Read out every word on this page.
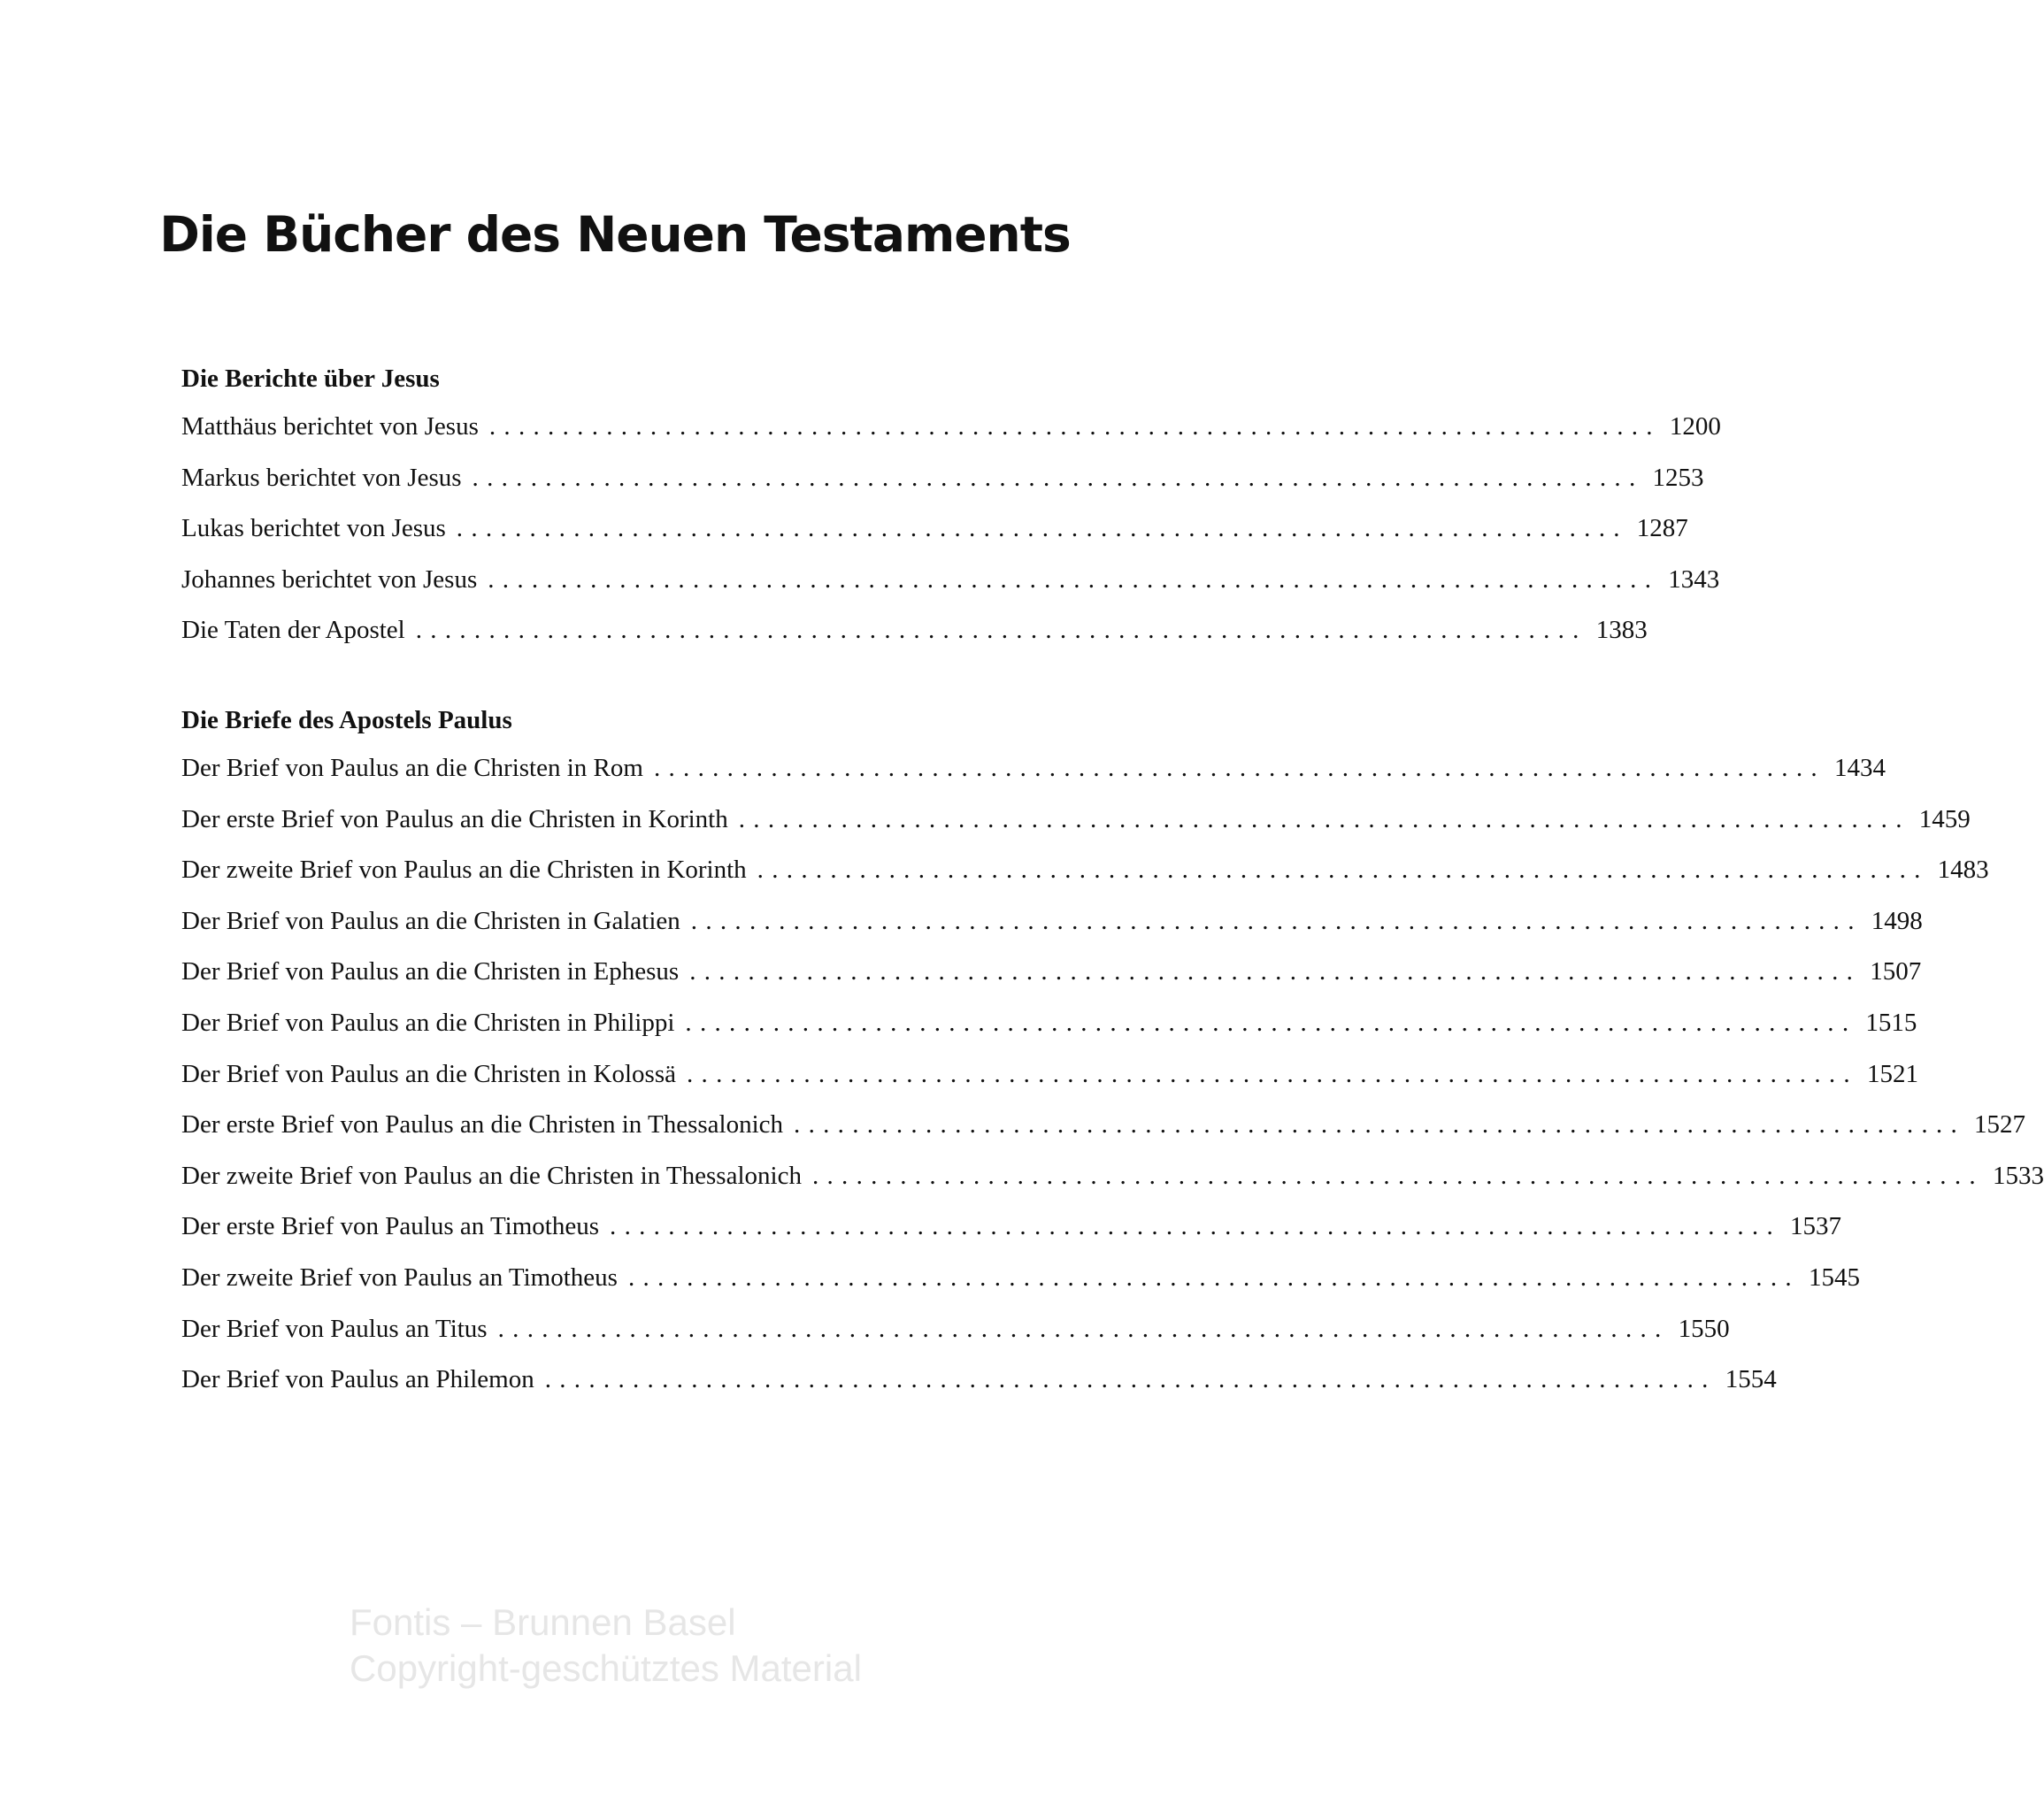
Die Bücher des Neuen Testaments
Die Berichte über Jesus
Matthäus berichtet von Jesus ................................................................................ 1200
Markus berichtet von Jesus ................................................................................ 1253
Lukas berichtet von Jesus ................................................................................ 1287
Johannes berichtet von Jesus ................................................................................ 1343
Die Taten der Apostel ................................................................................ 1383
Die Briefe des Apostels Paulus
Der Brief von Paulus an die Christen in Rom ................................................................................ 1434
Der erste Brief von Paulus an die Christen in Korinth ................................................................................ 1459
Der zweite Brief von Paulus an die Christen in Korinth ................................................................................ 1483
Der Brief von Paulus an die Christen in Galatien ................................................................................ 1498
Der Brief von Paulus an die Christen in Ephesus ................................................................................ 1507
Der Brief von Paulus an die Christen in Philippi ................................................................................ 1515
Der Brief von Paulus an die Christen in Kolossä ................................................................................ 1521
Der erste Brief von Paulus an die Christen in Thessalonich ................................................................................ 1527
Der zweite Brief von Paulus an die Christen in Thessalonich ................................................................................ 1533
Der erste Brief von Paulus an Timotheus ................................................................................ 1537
Der zweite Brief von Paulus an Timotheus ................................................................................ 1545
Der Brief von Paulus an Titus ................................................................................ 1550
Der Brief von Paulus an Philemon ................................................................................ 1554
Fontis – Brunnen Basel
Copyright-geschütztes Material
